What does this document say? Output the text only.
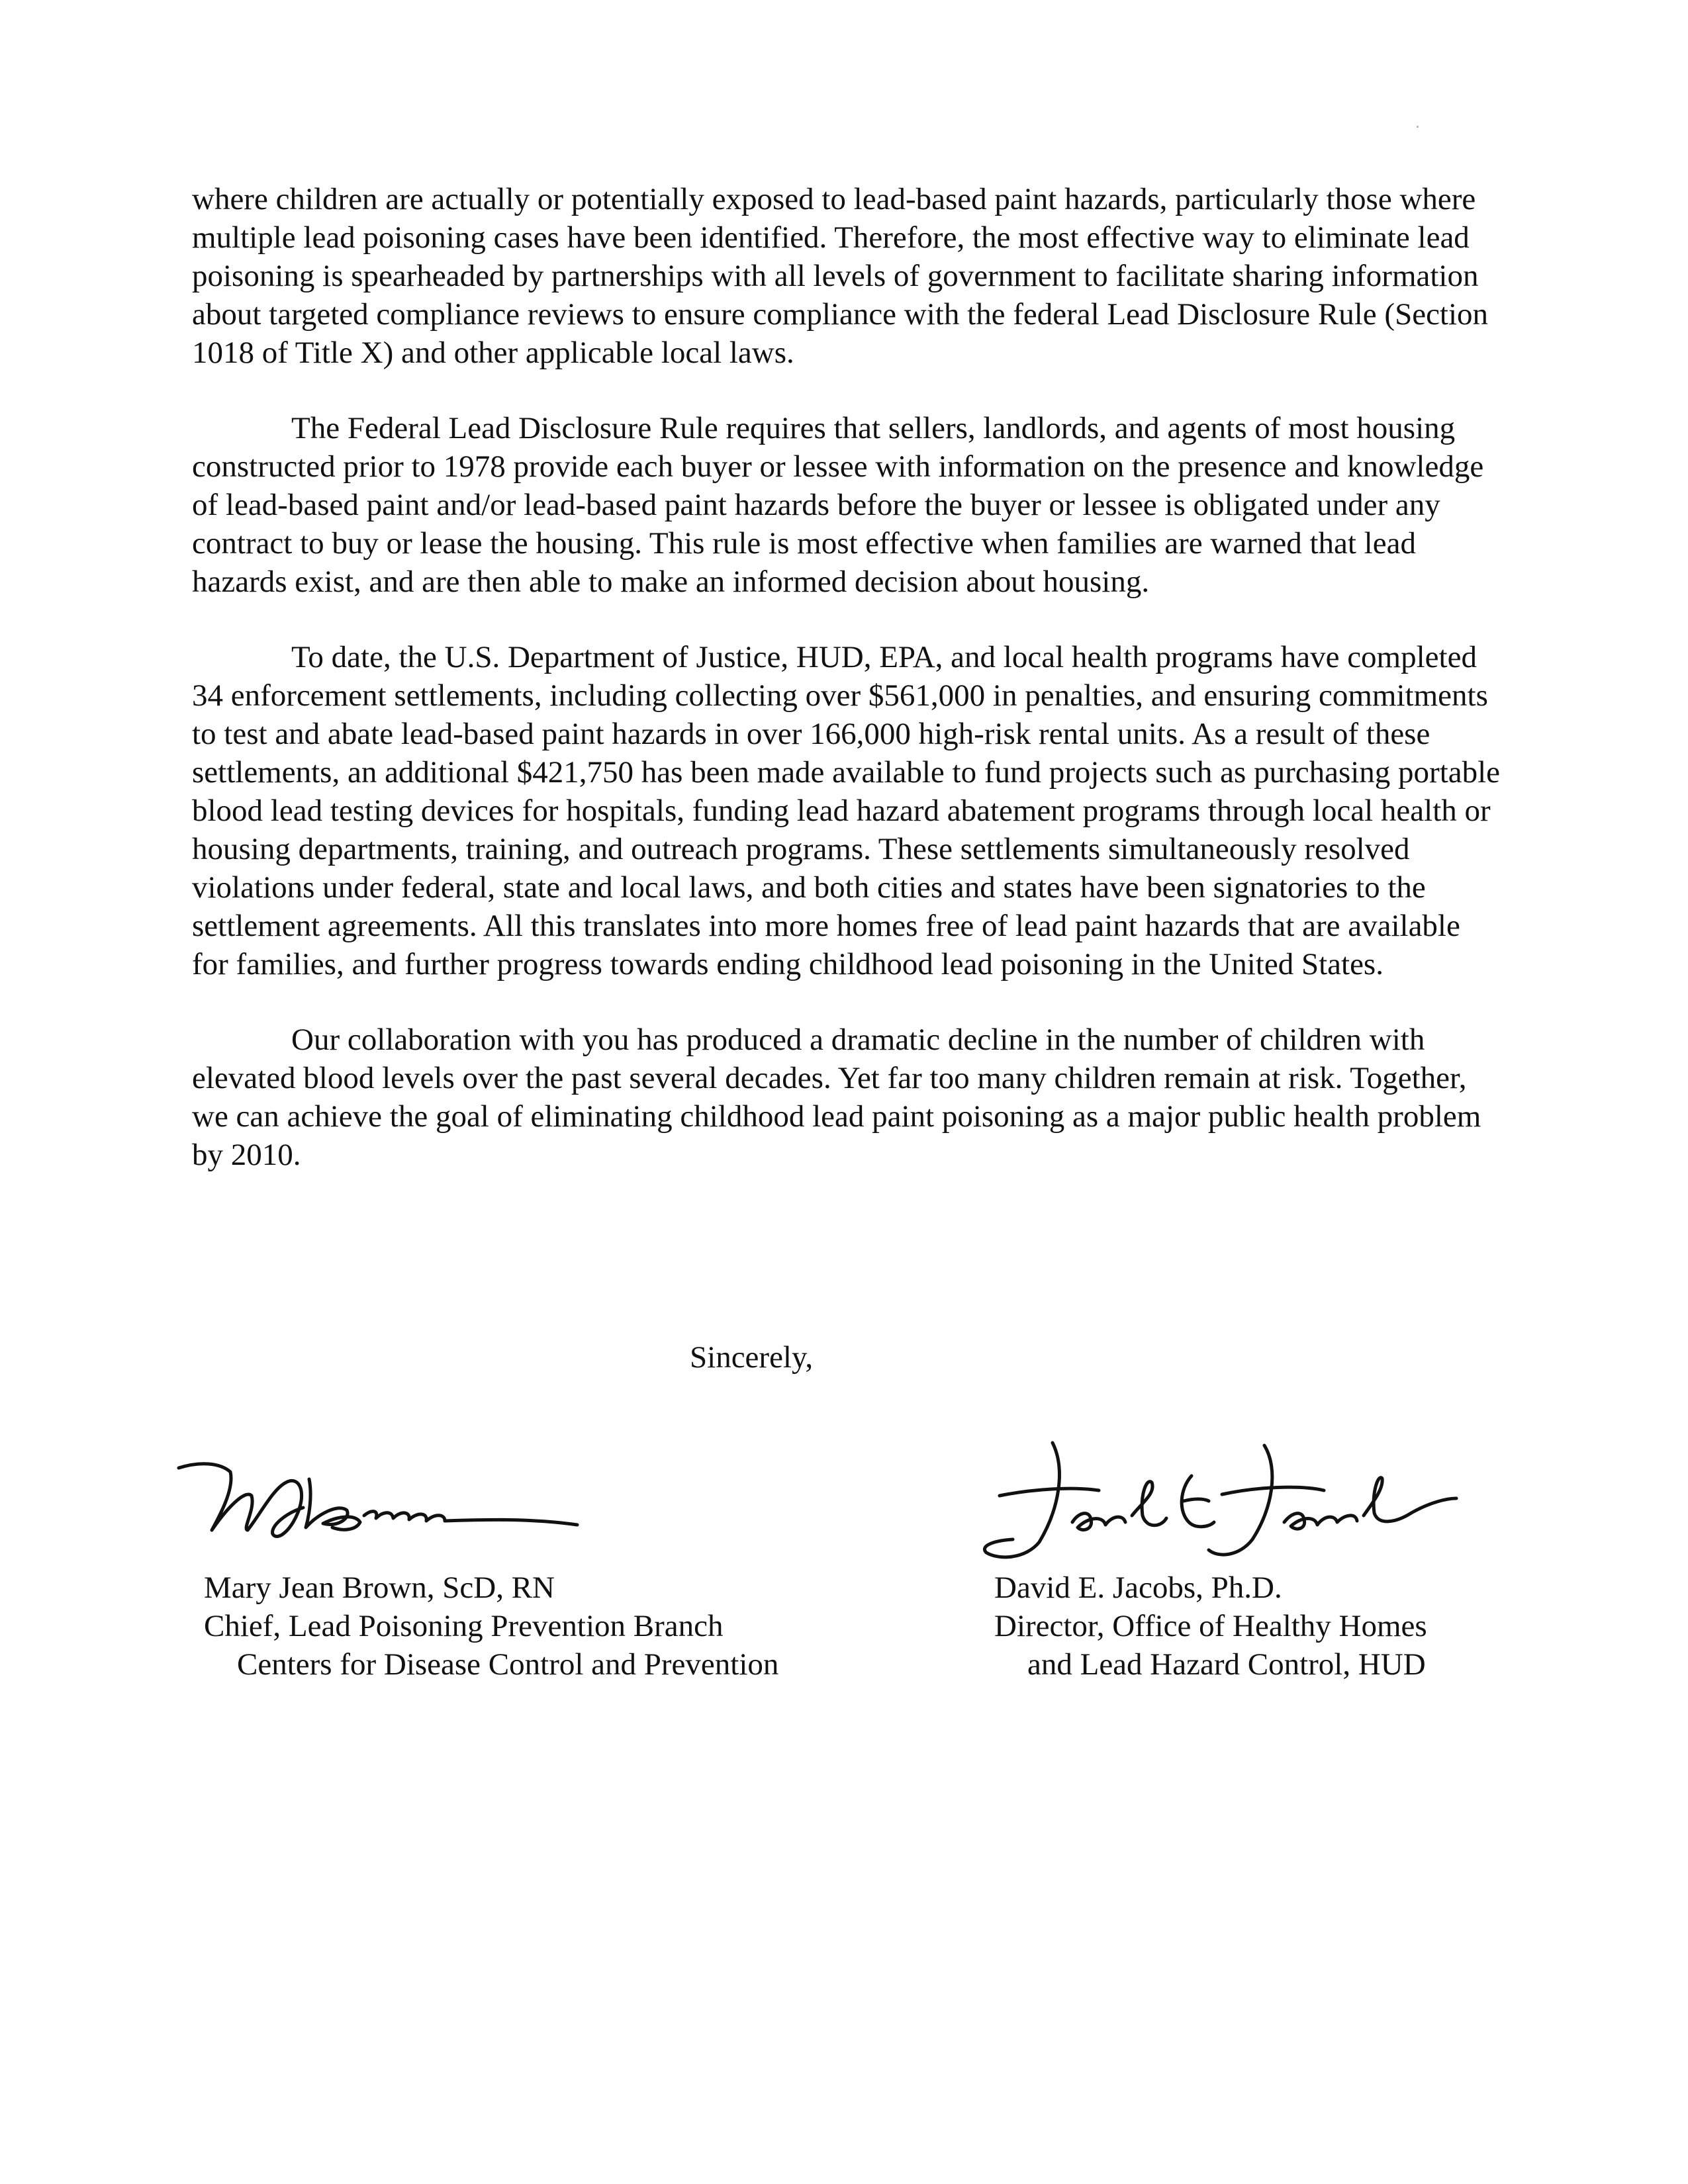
where children are actually or potentially exposed to lead-based paint hazards, particularly those where multiple lead poisoning cases have been identified. Therefore, the most effective way to eliminate lead poisoning is spearheaded by partnerships with all levels of government to facilitate sharing information about targeted compliance reviews to ensure compliance with the federal Lead Disclosure Rule (Section 1018 of Title X) and other applicable local laws.

The Federal Lead Disclosure Rule requires that sellers, landlords, and agents of most housing constructed prior to 1978 provide each buyer or lessee with information on the presence and knowledge of lead-based paint and/or lead-based paint hazards before the buyer or lessee is obligated under any contract to buy or lease the housing. This rule is most effective when families are warned that lead hazards exist, and are then able to make an informed decision about housing.

To date, the U.S. Department of Justice, HUD, EPA, and local health programs have completed 34 enforcement settlements, including collecting over $561,000 in penalties, and ensuring commitments to test and abate lead-based paint hazards in over 166,000 high-risk rental units. As a result of these settlements, an additional $421,750 has been made available to fund projects such as purchasing portable blood lead testing devices for hospitals, funding lead hazard abatement programs through local health or housing departments, training, and outreach programs. These settlements simultaneously resolved violations under federal, state and local laws, and both cities and states have been signatories to the settlement agreements. All this translates into more homes free of lead paint hazards that are available for families, and further progress towards ending childhood lead poisoning in the United States.

Our collaboration with you has produced a dramatic decline in the number of children with elevated blood levels over the past several decades. Yet far too many children remain at risk. Together, we can achieve the goal of eliminating childhood lead paint poisoning as a major public health problem by 2010.

Sincerely,

Mary Jean Brown, ScD, RN
Chief, Lead Poisoning Prevention Branch
Centers for Disease Control and Prevention
David E. Jacobs, Ph.D.
Director, Office of Healthy Homes
and Lead Hazard Control, HUD
